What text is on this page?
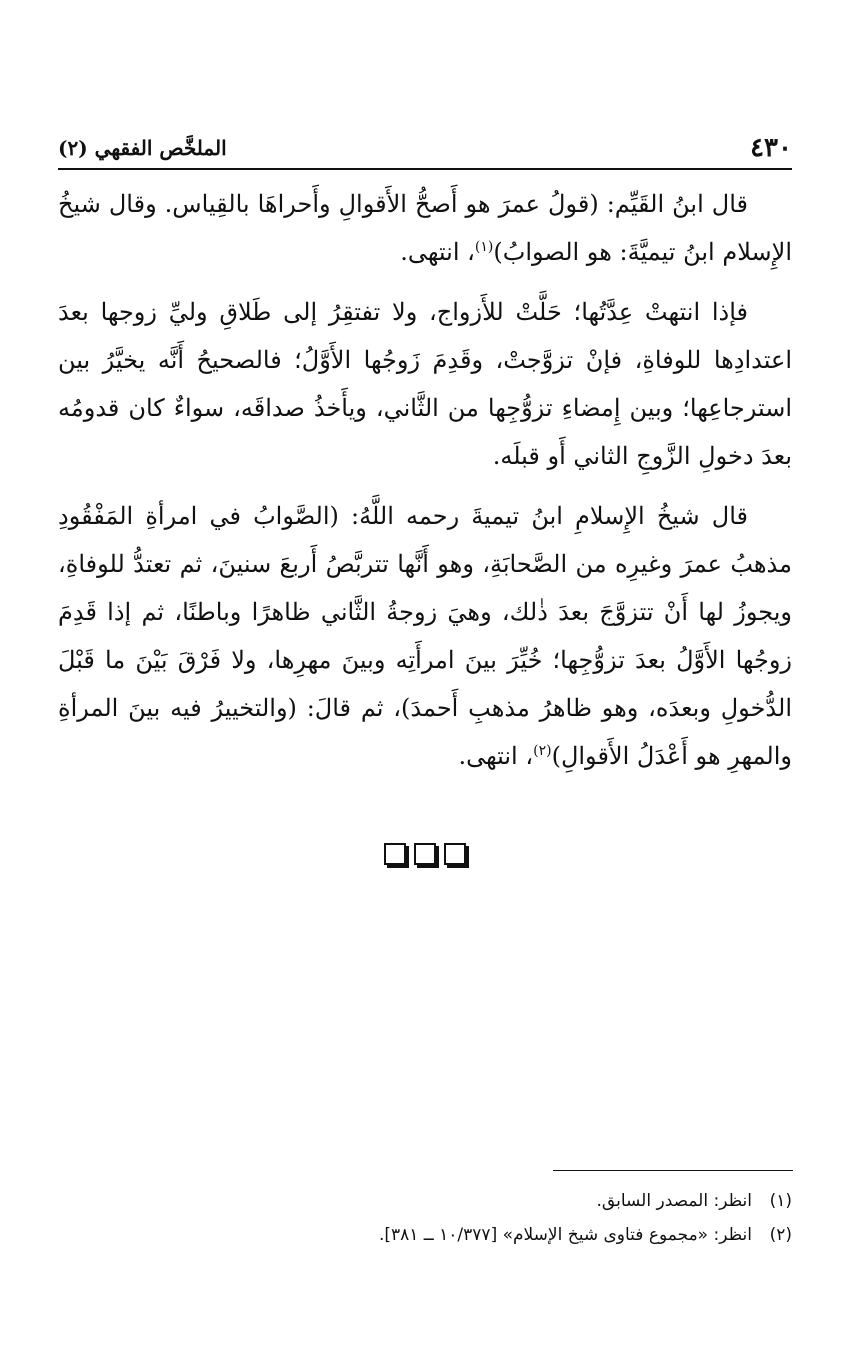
٤٣٠
الملخَّص الفقهي (٢)

قال ابنُ القَيِّم: (قولُ عمرَ هو أَصحُّ الأَقوالِ وأَحراهَا بالقِياس. وقال شيخُ الإِسلام ابنُ تيميَّةَ: هو الصوابُ)$^{(١)}$، انتهى.

فإذا انتهتْ عِدَّتُها؛ حَلَّتْ للأَزواج، ولا تفتقِرُ إلى طَلاقِ وليِّ زوجها بعدَ اعتدادِها للوفاةِ، فإنْ تزوَّجتْ، وقَدِمَ زَوجُها الأَوَّلُ؛ فالصحيحُ أَنَّه يخيَّرُ بين استرجاعِها؛ وبين إِمضاءِ تزوُّجِها من الثَّاني، ويأَخذُ صداقَه، سواءٌ كان قدومُه بعدَ دخولِ الزَّوجِ الثاني أَو قبلَه.

قال شيخُ الإِسلامِ ابنُ تيميةَ رحمه اللَّهُ: (الصَّوابُ في امرأةِ المَفْقُودِ مذهبُ عمرَ وغيرِه من الصَّحابَةِ، وهو أَنَّها تتربَّصُ أَربعَ سنينَ، ثم تعتدُّ للوفاةِ، ويجوزُ لها أَنْ تتزوَّجَ بعدَ ذٰلك، وهيَ زوجةُ الثَّاني ظاهرًا وباطنًا، ثم إذا قَدِمَ زوجُها الأَوَّلُ بعدَ تزوُّجِها؛ خُيِّرَ بينَ امرأَتِه وبينَ مهرِها، ولا فَرْقَ بَيْنَ ما قَبْلَ الدُّخولِ وبعدَه، وهو ظاهرُ مذهبِ أَحمدَ)، ثم قالَ: (والتخييرُ فيه بينَ المرأةِ والمهرِ هو أَعْدَلُ الأَقوالِ)$^{(٢)}$، انتهى.

(١)
انظر: المصدر السابق.
(٢)
انظر: «مجموع فتاوى شيخ الإسلام» [١٠/٣٧٧ ــ ٣٨١].
